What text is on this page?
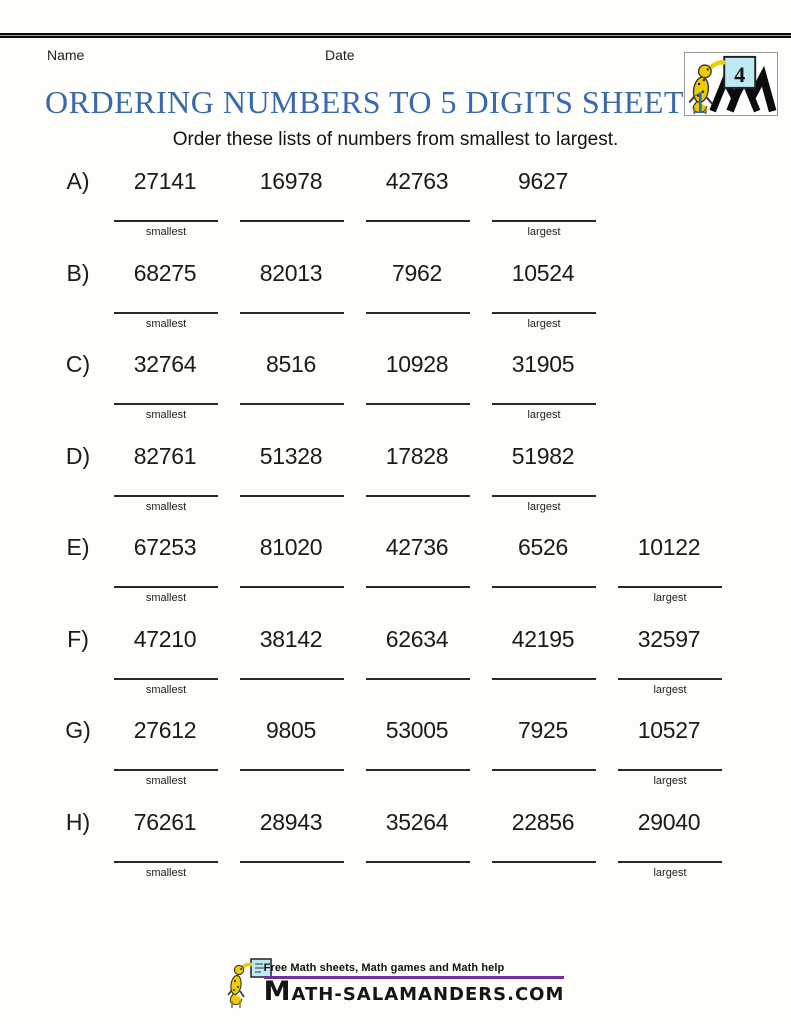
Name	Date
4
ORDERING NUMBERS TO 5 DIGITS SHEET 1

Order these lists of numbers from smallest to largest.

A)	27141	16978	42763	9627
smallest	largest
B)	68275	82013	7962	10524
smallest	largest
C)	32764	8516	10928	31905
smallest	largest
D)	82761	51328	17828	51982
smallest	largest
E)	67253	81020	42736	6526	10122
smallest	largest
F)	47210	38142	62634	42195	32597
smallest	largest
G)	27612	9805	53005	7925	10527
smallest	largest
H)	76261	28943	35264	22856	29040
smallest	largest
Free Math sheets, Math games and Math help
MATH-SALAMANDERS.COM
